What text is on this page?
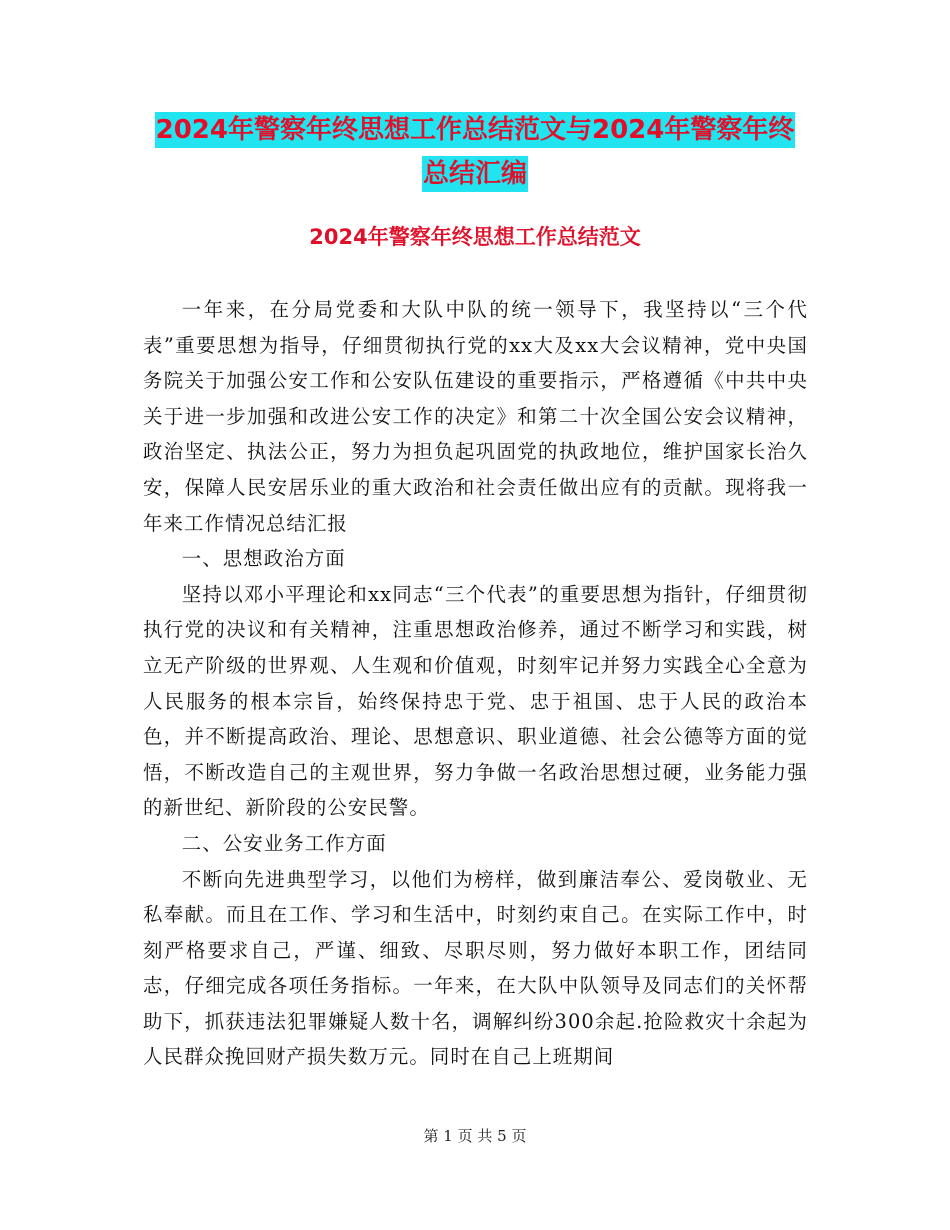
2024年警察年终思想工作总结范文与2024年警察年终
总结汇编
2024年警察年终思想工作总结范文

一年来，在分局党委和大队中队的统一领导下，我坚持以“三个代表”重要思想为指导，仔细贯彻执行党的xx大及xx大会议精神，党中央国务院关于加强公安工作和公安队伍建设的重要指示，严格遵循《中共中央关于进一步加强和改进公安工作的决定》和第二十次全国公安会议精神，政治坚定、执法公正，努力为担负起巩固党的执政地位，维护国家长治久安，保障人民安居乐业的重大政治和社会责任做出应有的贡献。现将我一年来工作情况总结汇报

一、思想政治方面

坚持以邓小平理论和xx同志“三个代表”的重要思想为指针，仔细贯彻执行党的决议和有关精神，注重思想政治修养，通过不断学习和实践，树立无产阶级的世界观、人生观和价值观，时刻牢记并努力实践全心全意为人民服务的根本宗旨，始终保持忠于党、忠于祖国、忠于人民的政治本色，并不断提高政治、理论、思想意识、职业道德、社会公德等方面的觉悟，不断改造自己的主观世界，努力争做一名政治思想过硬，业务能力强的新世纪、新阶段的公安民警。

二、公安业务工作方面

不断向先进典型学习，以他们为榜样，做到廉洁奉公、爱岗敬业、无私奉献。而且在工作、学习和生活中，时刻约束自己。在实际工作中，时刻严格要求自己，严谨、细致、尽职尽则，努力做好本职工作，团结同志，仔细完成各项任务指标。一年来，在大队中队领导及同志们的关怀帮助下，抓获违法犯罪嫌疑人数十名，调解纠纷300余起.抢险救灾十余起为人民群众挽回财产损失数万元。同时在自己上班期间

第 1 页 共 5 页
